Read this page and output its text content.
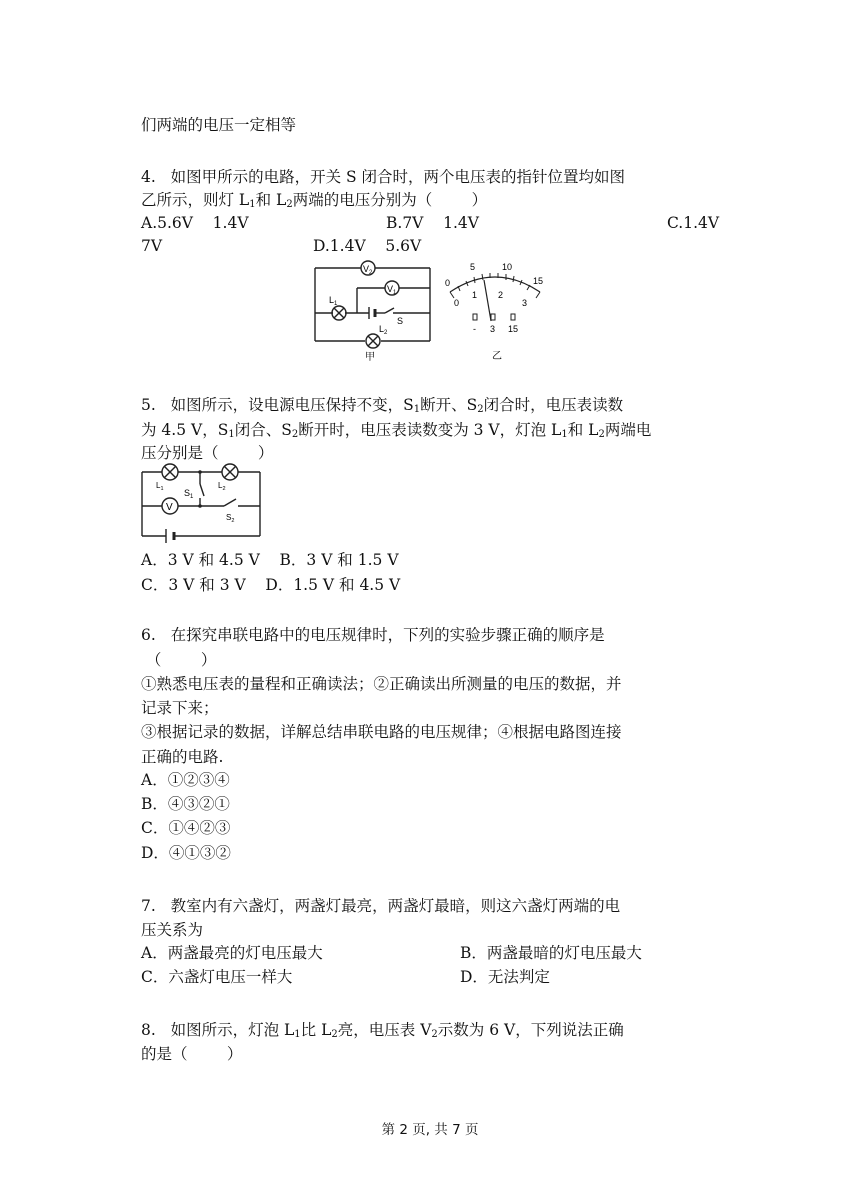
们两端的电压一定相等
4.   如图甲所示的电路，开关 S 闭合时，两个电压表的指针位置均如图
乙所示，则灯 $L_1$和 $L_2$两端的电压分别为（        ）
A.5.6V    1.4V	B.7V    1.4V	C.1.4V
7V	D.1.4V    5.6V
$V_2$
$V_1$
$L_1$
$L_2$
S
甲
0
5	10
15
0
1 2
3
- 3 15
乙
5.   如图所示，设电源电压保持不变，$S_1$断开、$S_2$闭合时，电压表读数
为 4.5 V，$S_1$闭合、$S_2$断开时，电压表读数变为 3 V，灯泡 $L_1$和 $L_2$两端电
压分别是（        ）
V
$L_1$	$L_2$
$S_1$
$S_2$
A．3 V 和 4.5 V    B．3 V 和 1.5 V
C．3 V 和 3 V    D．1.5 V 和 4.5 V
6.   在探究串联电路中的电压规律时，下列的实验步骤正确的顺序是
（        ）
①熟悉电压表的量程和正确读法；②正确读出所测量的电压的数据，并
记录下来；
③根据记录的数据，详解总结串联电路的电压规律；④根据电路图连接
正确的电路.
A．①②③④
B．④③②①
C．①④②③
D．④①③②
7.   教室内有六盏灯，两盏灯最亮，两盏灯最暗，则这六盏灯两端的电
压关系为
A．两盏最亮的灯电压最大	B．两盏最暗的灯电压最大
C．六盏灯电压一样大	D．无法判定
8.   如图所示，灯泡 $L_1$比 $L_2$亮，电压表 $V_2$示数为 6 V，下列说法正确
的是（        ）
第 2 页, 共 7 页
